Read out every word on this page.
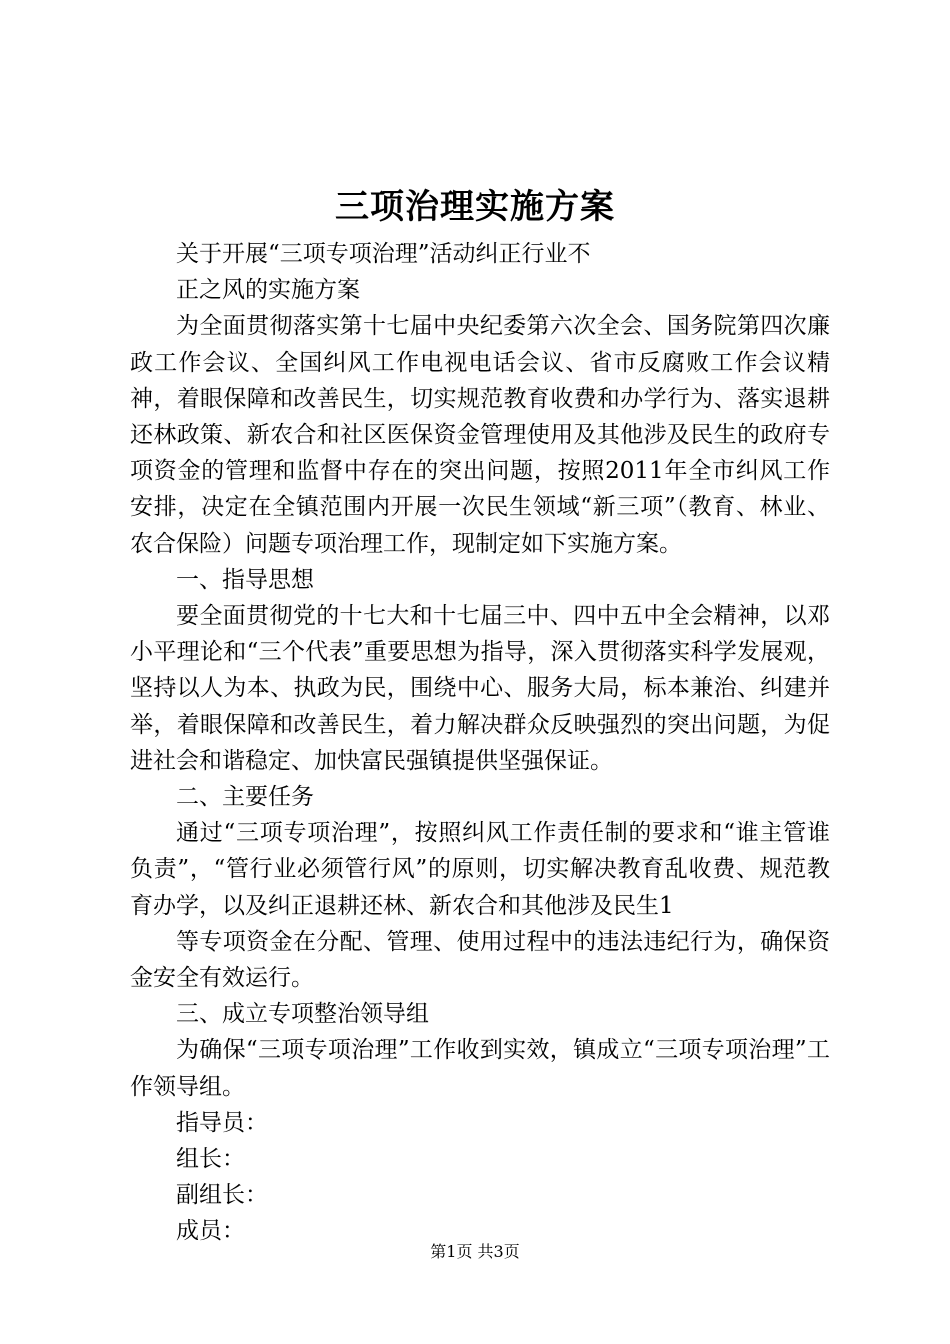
三项治理实施方案

关于开展“三项专项治理”活动纠正行业不

正之风的实施方案

为全面贯彻落实第十七届中央纪委第六次全会、国务院第四次廉政工作会议、全国纠风工作电视电话会议、省市反腐败工作会议精神，着眼保障和改善民生，切实规范教育收费和办学行为、落实退耕还林政策、新农合和社区医保资金管理使用及其他涉及民生的政府专项资金的管理和监督中存在的突出问题，按照2011年全市纠风工作安排，决定在全镇范围内开展一次民生领域“新三项”（教育、林业、农合保险）问题专项治理工作，现制定如下实施方案。

一、指导思想

要全面贯彻党的十七大和十七届三中、四中五中全会精神，以邓小平理论和“三个代表”重要思想为指导，深入贯彻落实科学发展观，坚持以人为本、执政为民，围绕中心、服务大局，标本兼治、纠建并举，着眼保障和改善民生，着力解决群众反映强烈的突出问题，为促进社会和谐稳定、加快富民强镇提供坚强保证。

二、主要任务

通过“三项专项治理”，按照纠风工作责任制的要求和“谁主管谁负责”，“管行业必须管行风”的原则，切实解决教育乱收费、规范教育办学，以及纠正退耕还林、新农合和其他涉及民生1

等专项资金在分配、管理、使用过程中的违法违纪行为，确保资金安全有效运行。

三、成立专项整治领导组

为确保“三项专项治理”工作收到实效，镇成立“三项专项治理”工作领导组。

指导员：

组长：

副组长：

成员：

第1页 共3页
